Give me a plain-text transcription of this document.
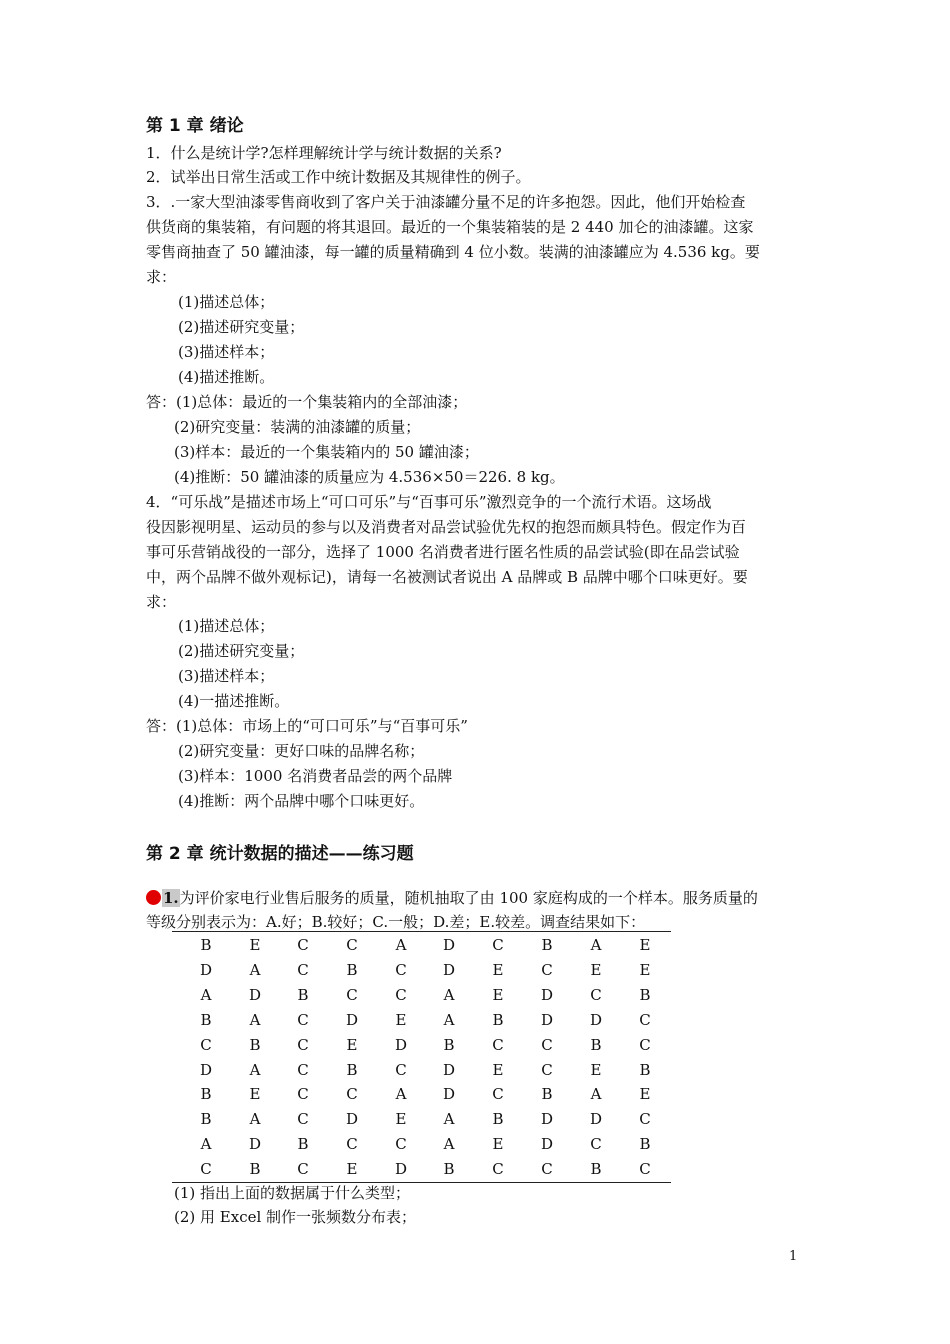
第 1 章 绪论
1．什么是统计学?怎样理解统计学与统计数据的关系?
2．试举出日常生活或工作中统计数据及其规律性的例子。
3．.一家大型油漆零售商收到了客户关于油漆罐分量不足的许多抱怨。因此，他们开始检查
供货商的集装箱，有问题的将其退回。最近的一个集装箱装的是 2 440 加仑的油漆罐。这家
零售商抽查了 50 罐油漆，每一罐的质量精确到 4 位小数。装满的油漆罐应为 4.536 kg。要
求：
(1)描述总体；
(2)描述研究变量；
(3)描述样本；
(4)描述推断。
答：(1)总体：最近的一个集装箱内的全部油漆；
(2)研究变量：装满的油漆罐的质量；
(3)样本：最近的一个集装箱内的 50 罐油漆；
(4)推断：50 罐油漆的质量应为 4.536×50＝226. 8 kg。
4．“可乐战”是描述市场上“可口可乐”与“百事可乐”激烈竞争的一个流行术语。这场战
役因影视明星、运动员的参与以及消费者对品尝试验优先权的抱怨而颇具特色。假定作为百
事可乐营销战役的一部分，选择了 1000 名消费者进行匿名性质的品尝试验(即在品尝试验
中，两个品牌不做外观标记)，请每一名被测试者说出 A 品牌或 B 品牌中哪个口味更好。要
求：
(1)描述总体；
(2)描述研究变量；
(3)描述样本；
(4)一描述推断。
答：(1)总体：市场上的“可口可乐”与“百事可乐”
(2)研究变量：更好口味的品牌名称；
(3)样本：1000 名消费者品尝的两个品牌
(4)推断：两个品牌中哪个口味更好。
第 2 章 统计数据的描述——练习题
1.为评价家电行业售后服务的质量，随机抽取了由 100 家庭构成的一个样本。服务质量的
等级分别表示为：A.好；B.较好；C.一般；D.差；E.较差。调查结果如下：
B	E	C	C	A	D C	B	A	E
D	A	C	B	C D	E	C	E	E
A	D B	C	C	A	E	D C	B
B	A	C D	E	A	B D D C
C	B C	E	D B	C	C	B	C
D	A	C	B	C D	E	C	E	B
B	E	C	C	A	D C	B	A	E
B	A	C D	E	A	B D D C
A	D B	C	C	A	E	D C	B
C	B C	E	D B	C	C	B	C
(1) 指出上面的数据属于什么类型；
(2) 用 Excel 制作一张频数分布表；
1
